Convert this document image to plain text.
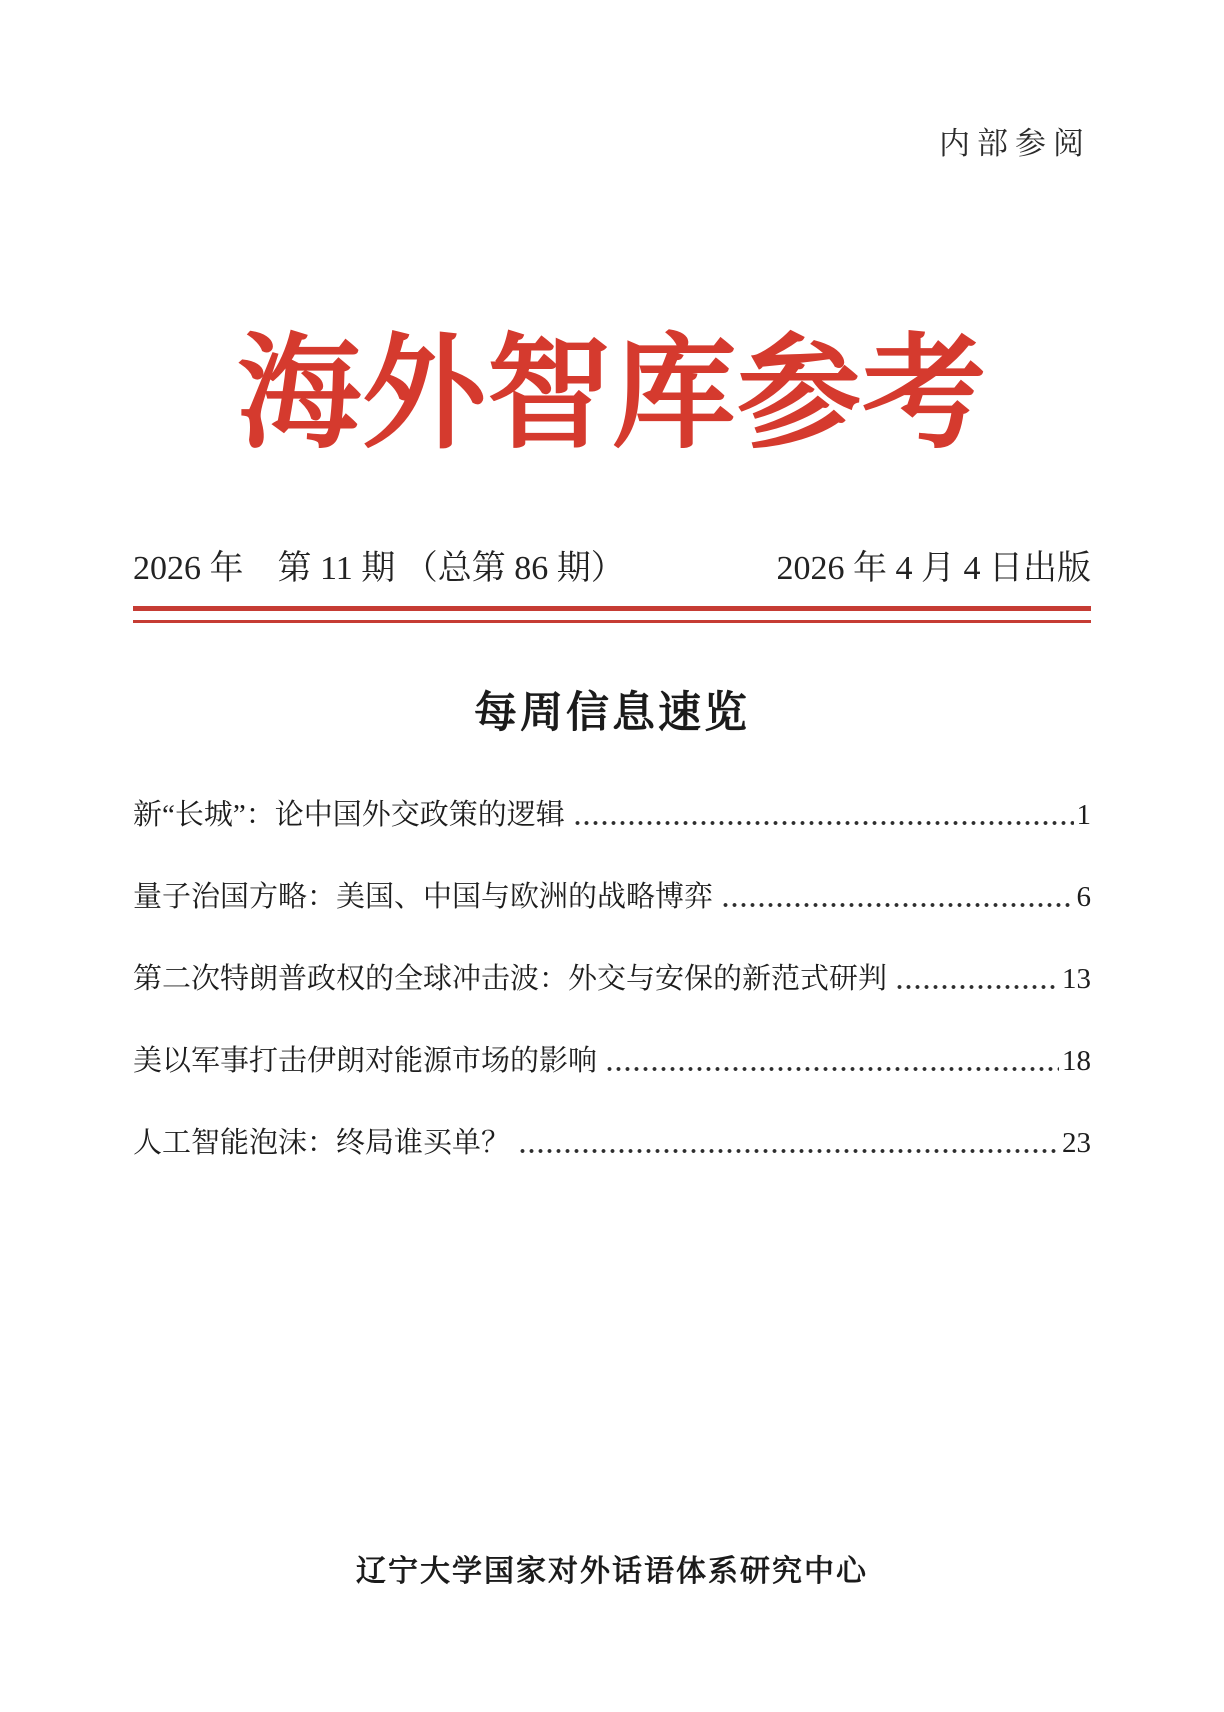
内部参阅
海外智库参考
2026 年　第 11 期 （总第 86 期）	2026 年 4 月 4 日出版
每周信息速览
新“长城”：论中国外交政策的逻辑	1
量子治国方略：美国、中国与欧洲的战略博弈	6
第二次特朗普政权的全球冲击波：外交与安保的新范式研判	13
美以军事打击伊朗对能源市场的影响	18
人工智能泡沫：终局谁买单？	23
辽宁大学国家对外话语体系研究中心
